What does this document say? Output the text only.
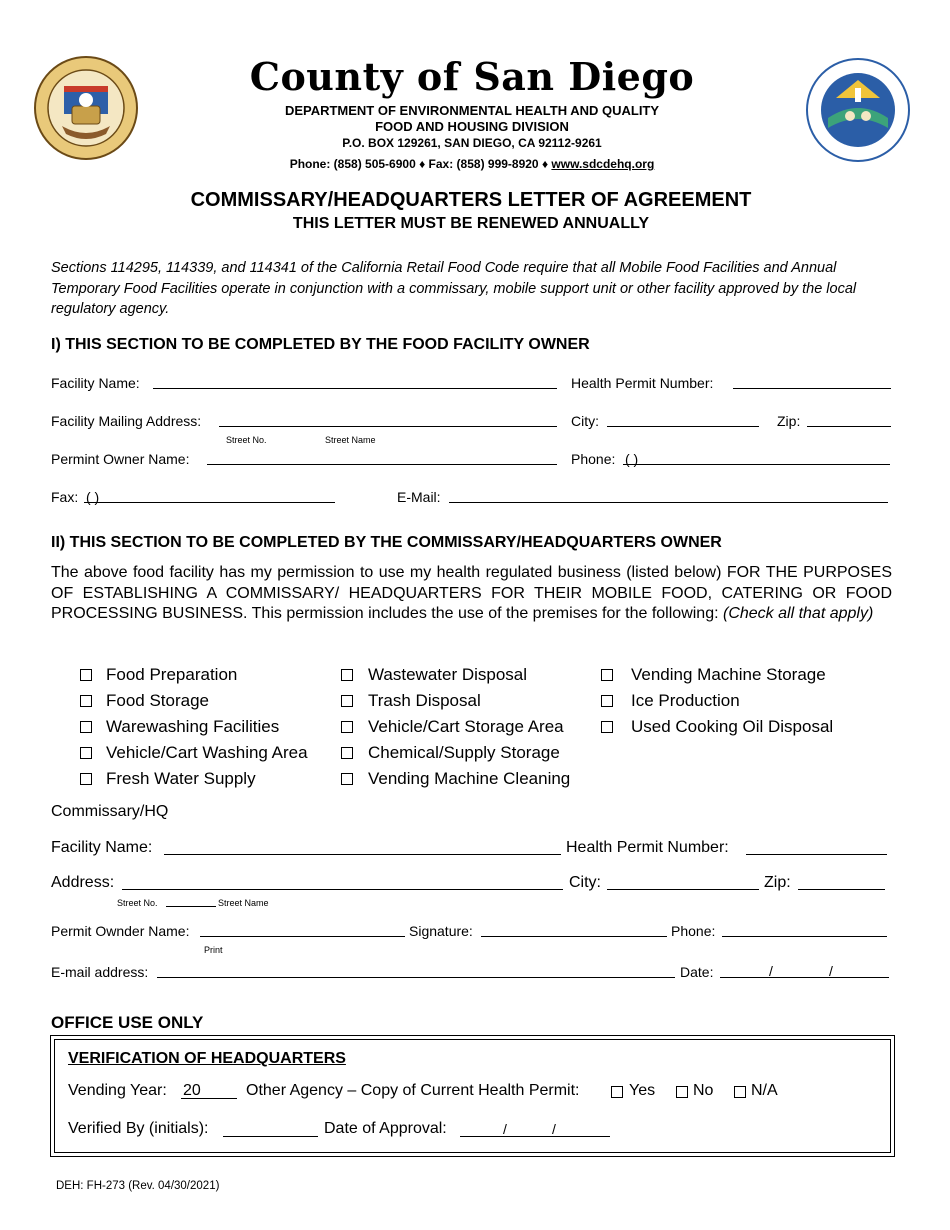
County of San Diego
DEPARTMENT OF ENVIRONMENTAL HEALTH AND QUALITY
FOOD AND HOUSING DIVISION
P.O. BOX 129261, SAN DIEGO, CA 92112-9261
Phone: (858) 505-6900 ♦ Fax: (858) 999-8920 ♦ www.sdcdehq.org
COMMISSARY/HEADQUARTERS LETTER OF AGREEMENT
THIS LETTER MUST BE RENEWED ANNUALLY
Sections 114295, 114339, and 114341 of the California Retail Food Code require that all Mobile Food Facilities and Annual Temporary Food Facilities operate in conjunction with a commissary, mobile support unit or other facility approved by the local regulatory agency.
I) THIS SECTION TO BE COMPLETED BY THE FOOD FACILITY OWNER
Facility Name:	Health Permit Number:
Facility Mailing Address:	City:	Zip:
Street No.	Street Name
Permint Owner Name:	Phone: ( )
Fax: ( )	E-Mail:
II) THIS SECTION TO BE COMPLETED BY THE COMMISSARY/HEADQUARTERS OWNER
The above food facility has my permission to use my health regulated business (listed below) FOR THE PURPOSES OF ESTABLISHING A COMMISSARY/ HEADQUARTERS FOR THEIR MOBILE FOOD, CATERING OR FOOD PROCESSING BUSINESS. This permission includes the use of the premises for the following: (Check all that apply)
Food Preparation
Food Storage
Warewashing Facilities
Vehicle/Cart Washing Area
Fresh Water Supply
Wastewater Disposal
Trash Disposal
Vehicle/Cart Storage Area
Chemical/Supply Storage
Vending Machine Cleaning
Vending Machine Storage
Ice Production
Used Cooking Oil Disposal
Commissary/HQ
Facility Name:	Health Permit Number:
Address:	City:	Zip:
Street No.	Street Name
Permit Ownder Name:
Print
Signature:	Phone:
E-mail address:	Date:	/	/
OFFICE USE ONLY
VERIFICATION OF HEADQUARTERS
Vending Year: 20	Other Agency – Copy of Current Health Permit:	Yes No N/A
Verified By (initials):	Date of Approval:	/	/
DEH: FH-273 (Rev. 04/30/2021)
